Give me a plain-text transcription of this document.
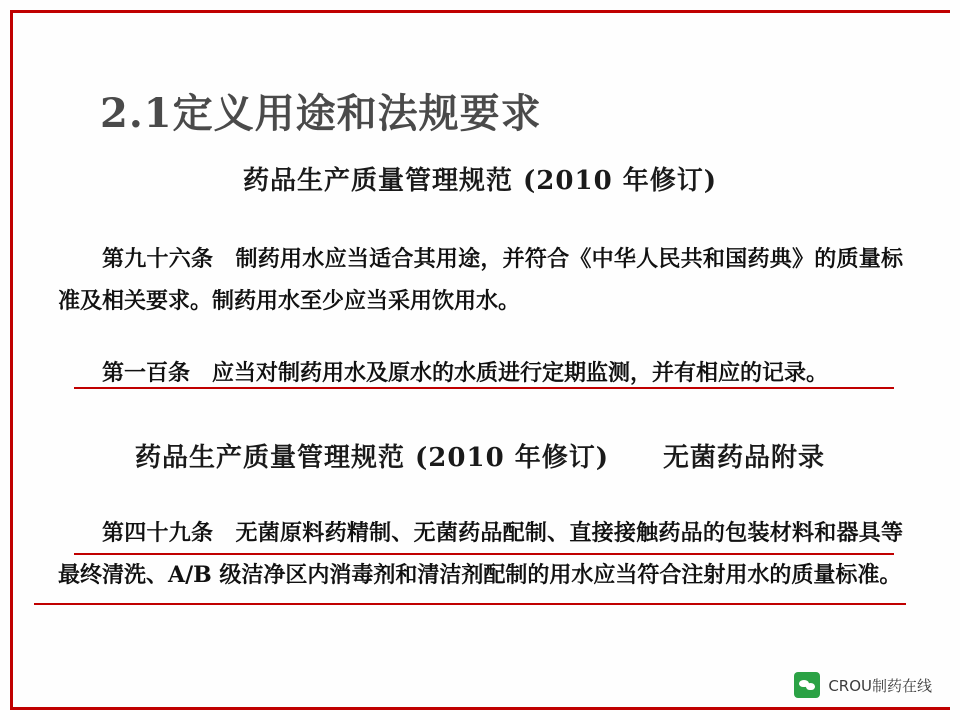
2.1定义用途和法规要求
药品生产质量管理规范 (2010 年修订)
第九十六条　制药用水应当适合其用途，并符合《中华人民共和国药典》的质量标准及相关要求。制药用水至少应当采用饮用水。
第一百条　应当对制药用水及原水的水质进行定期监测，并有相应的记录。
药品生产质量管理规范 (2010 年修订)　　无菌药品附录
第四十九条　无菌原料药精制、无菌药品配制、直接接触药品的包装材料和器具等最终清洗、A/B 级洁净区内消毒剂和清洁剂配制的用水应当符合注射用水的质量标准。
CROU制药在线
